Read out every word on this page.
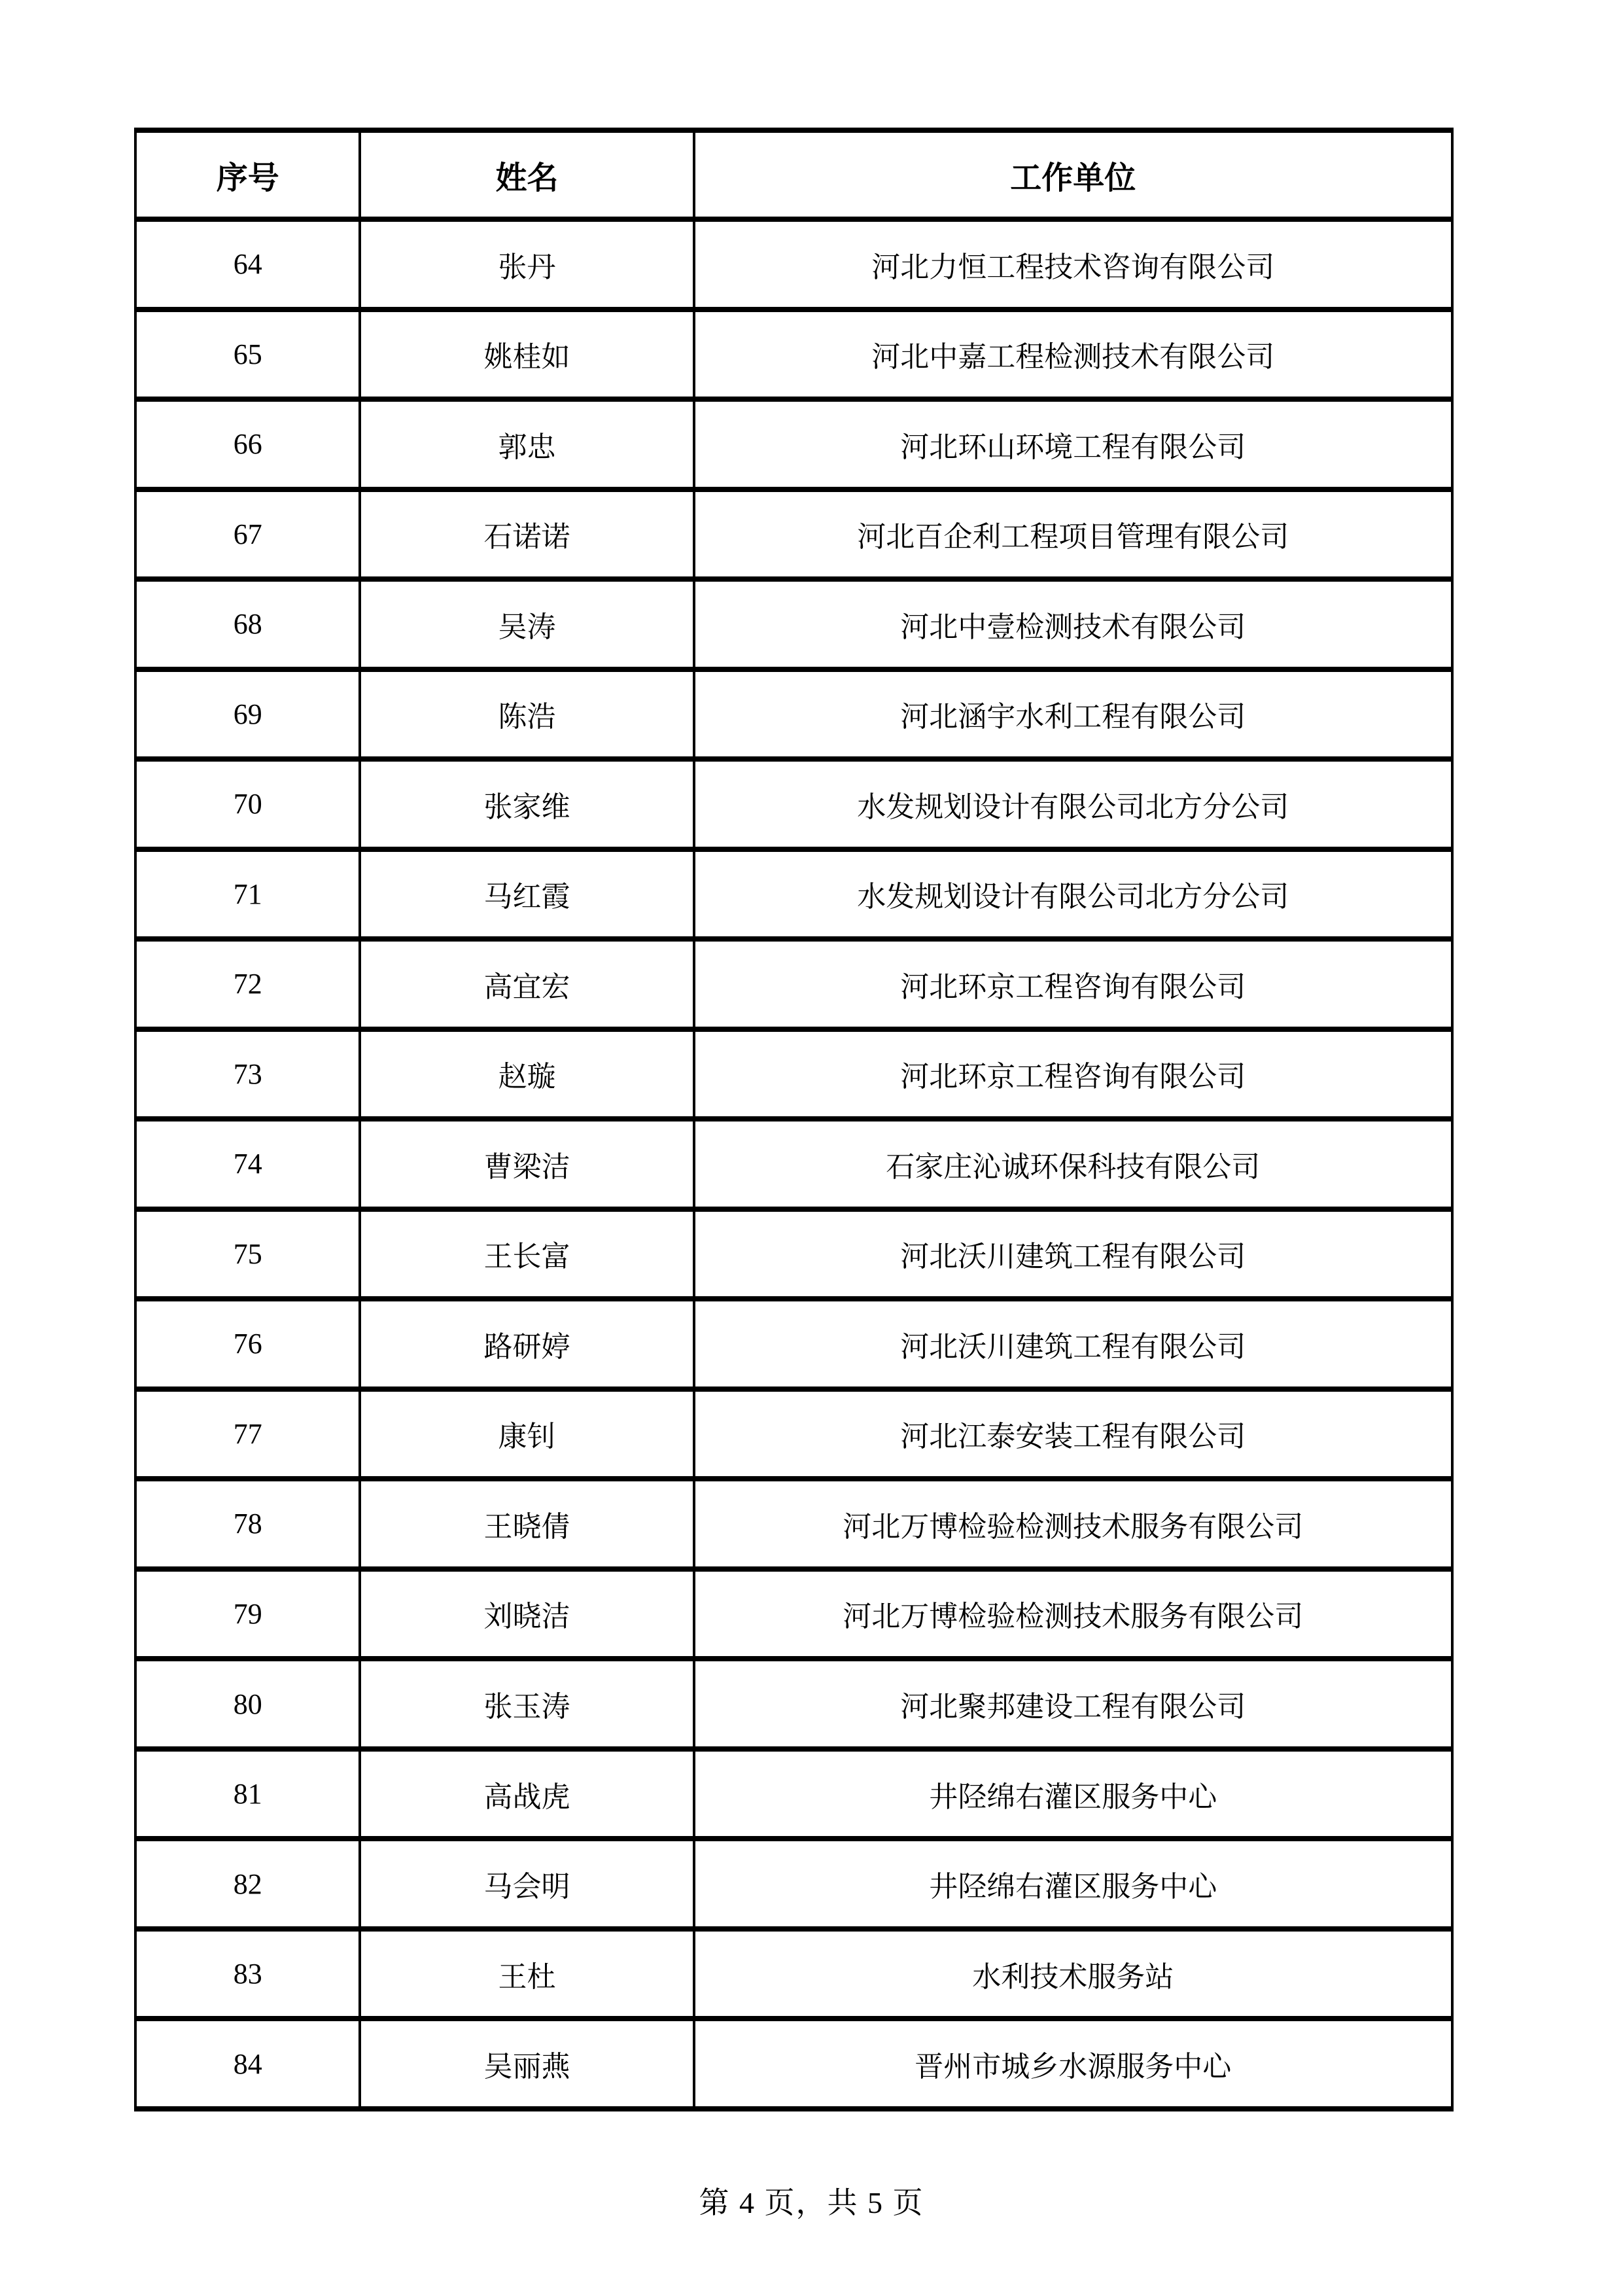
序号	姓名	工作单位
64	张丹	河北力恒工程技术咨询有限公司
65	姚桂如	河北中嘉工程检测技术有限公司
66	郭忠	河北环山环境工程有限公司
67	石诺诺	河北百企利工程项目管理有限公司
68	吴涛	河北中壹检测技术有限公司
69	陈浩	河北涵宇水利工程有限公司
70	张家维	水发规划设计有限公司北方分公司
71	马红霞	水发规划设计有限公司北方分公司
72	高宜宏	河北环京工程咨询有限公司
73	赵璇	河北环京工程咨询有限公司
74	曹梁洁	石家庄沁诚环保科技有限公司
75	王长富	河北沃川建筑工程有限公司
76	路研婷	河北沃川建筑工程有限公司
77	康钊	河北江泰安装工程有限公司
78	王晓倩	河北万博检验检测技术服务有限公司
79	刘晓洁	河北万博检验检测技术服务有限公司
80	张玉涛	河北聚邦建设工程有限公司
81	高战虎	井陉绵右灌区服务中心
82	马会明	井陉绵右灌区服务中心
83	王杜	水利技术服务站
84	吴丽燕	晋州市城乡水源服务中心
第 4 页，共 5 页
